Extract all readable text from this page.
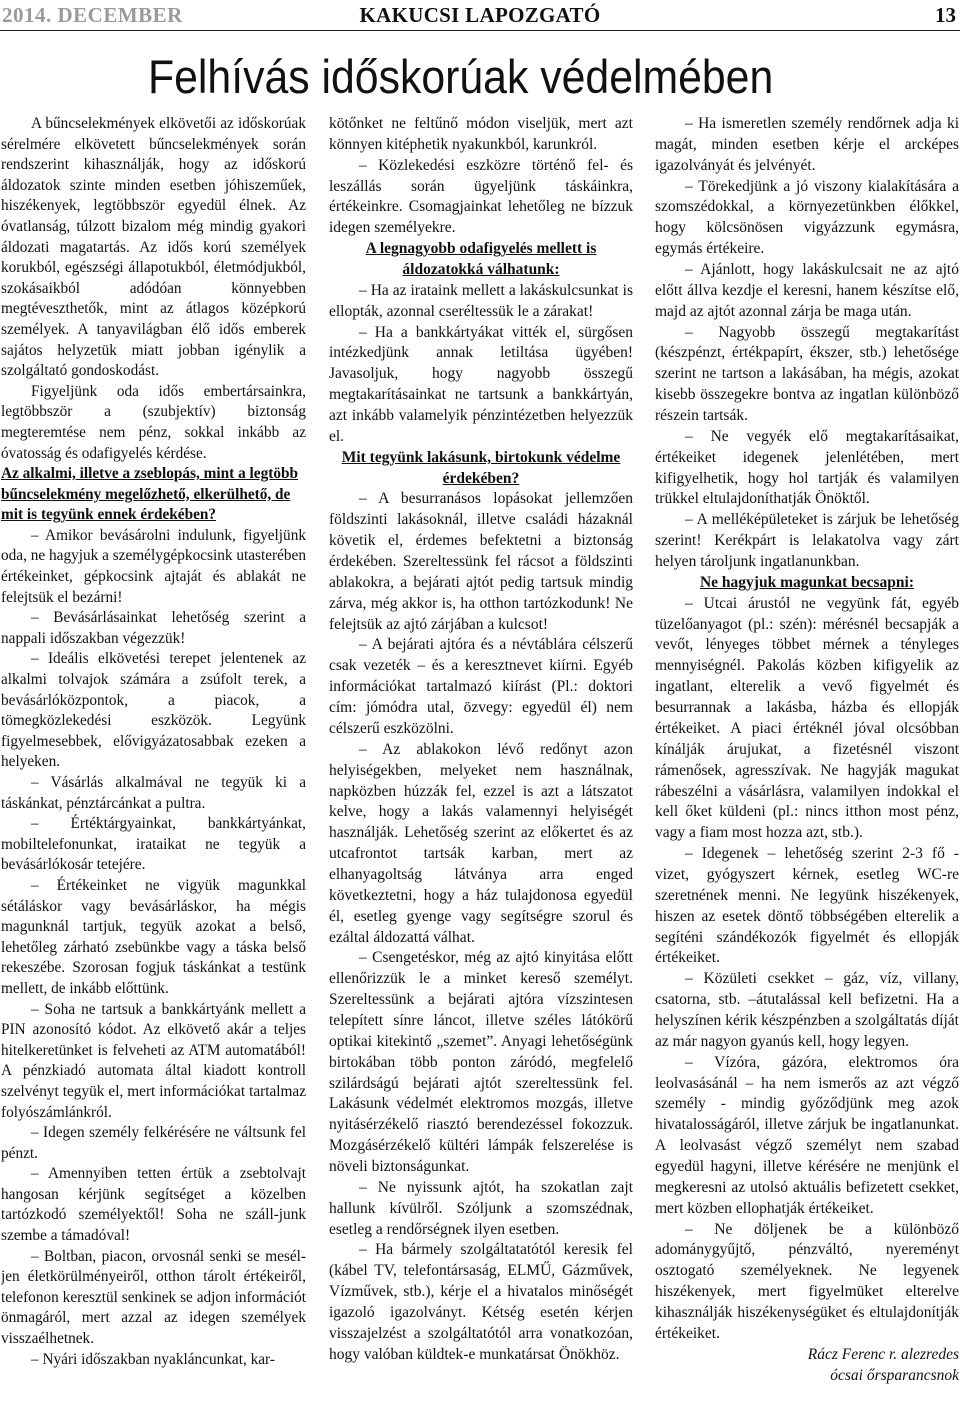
2014. DECEMBER	KAKUCSI LAPOZGATÓ	13
Felhívás időskorúak védelmében

A bűncselekmények elkövetői az időskorúak sérelmére elkövetett bűncselekmények során rendszerint kihasználják, hogy az időskorú áldozatok szinte minden esetben jóhiszeműek, hiszékenyek, legtöbbször egyedül élnek. Az óvatlanság, túlzott bizalom még mindig gyakori áldozati magatartás. Az idős korú személyek korukból, egészségi állapotukból, életmódjukból, szokásaikból adódóan könnyebben megtéveszthetők, mint az átlagos középkorú személyek. A tanyavilágban élő idős emberek sajátos helyzetük miatt jobban igénylik a szolgáltató gondoskodást.

Figyeljünk oda idős embertársainkra, legtöbbször a (szubjektív) biztonság megteremtése nem pénz, sokkal inkább az óvatosság és odafigyelés kérdése.

Az alkalmi, illetve a zseblopás, mint a legtöbb bűncselekmény megelőzhető, elkerülhető, de mit is tegyünk ennek érdekében?

– Amikor bevásárolni indulunk, figyeljünk oda, ne hagyjuk a személygépkocsink utasterében értékeinket, gépkocsink ajtaját és ablakát ne felejtsük el bezárni!

– Bevásárlásainkat lehetőség szerint a nappali időszakban végezzük!

– Ideális elkövetési terepet jelentenek az alkalmi tolvajok számára a zsúfolt terek, a bevásárlóközpontok, a piacok, a tömegközlekedési eszközök. Legyünk figyelmesebbek, elővigyázatosabbak ezeken a helyeken.

– Vásárlás alkalmával ne tegyük ki a táskánkat, pénztárcánkat a pultra.

– Értéktárgyainkat, bankkártyánkat, mobiltelefonunkat, irataikat ne tegyük a bevásárlókosár tetejére.

– Értékeinket ne vigyük magunkkal sétáláskor vagy bevásárláskor, ha mégis magunknál tartjuk, tegyük azokat a belső, lehetőleg zárható zsebünkbe vagy a táska belső rekeszébe. Szorosan fogjuk táskánkat a testünk mellett, de inkább előttünk.

– Soha ne tartsuk a bankkártyánk mellett a PIN azonosító kódot. Az elkövető akár a teljes hitelkeretünket is felveheti az ATM automatából! A pénzkiadó automata által kiadott kontroll szelvényt tegyük el, mert információkat tartalmaz folyószámlánkról.

– Idegen személy felkérésére ne váltsunk fel pénzt.

– Amennyiben tetten értük a zsebtolvajt hangosan kérjünk segítséget a közelben tartózkodó személyektől! Soha ne száll-junk szembe a támadóval!

– Boltban, piacon, orvosnál senki se mesél-jen életkörülményeiről, otthon tárolt értékeiről, telefonon keresztül senkinek se adjon információt önmagáról, mert azzal az idegen személyek visszaélhetnek.

– Nyári időszakban nyakláncunkat, kar-

kötőnket ne feltűnő módon viseljük, mert azt könnyen kitéphetik nyakunkból, karunkról.

– Közlekedési eszközre történő fel- és leszállás során ügyeljünk táskáinkra, értékeinkre. Csomagjainkat lehetőleg ne bízzuk idegen személyekre.

A legnagyobb odafigyelés mellett is áldozatokká válhatunk:

– Ha az irataink mellett a lakáskulcsunkat is ellopták, azonnal cseréltessük le a zárakat!

– Ha a bankkártyákat vitték el, sürgősen intézkedjünk annak letiltása ügyében! Javasoljuk, hogy nagyobb összegű megtakarításainkat ne tartsunk a bankkártyán, azt inkább valamelyik pénzintézetben helyezzük el.

Mit tegyünk lakásunk, birtokunk védelme érdekében?

– A besurranásos lopásokat jellemzően földszinti lakásoknál, illetve családi házaknál követik el, érdemes befektetni a biztonság érdekében. Szereltessünk fel rácsot a földszinti ablakokra, a bejárati ajtót pedig tartsuk mindig zárva, még akkor is, ha otthon tartózkodunk! Ne felejtsük az ajtó zárjában a kulcsot!

– A bejárati ajtóra és a névtáblára célszerű csak vezeték – és a keresztnevet kiírni. Egyéb információkat tartalmazó kiírást (Pl.: doktori cím: jómódra utal, özvegy: egyedül él) nem célszerű eszközölni.

– Az ablakokon lévő redőnyt azon helyiségekben, melyeket nem használnak, napközben húzzák fel, ezzel is azt a látszatot kelve, hogy a lakás valamennyi helyiségét használják. Lehetőség szerint az előkertet és az utcafrontot tartsák karban, mert az elhanyagoltság látványa arra enged következtetni, hogy a ház tulajdonosa egyedül él, esetleg gyenge vagy segítségre szorul és ezáltal áldozattá válhat.

– Csengetéskor, még az ajtó kinyitása előtt ellenőrizzük le a minket kereső személyt. Szereltessünk a bejárati ajtóra vízszintesen telepített sínre láncot, illetve széles látókörű optikai kitekintő „szemet”. Anyagi lehetőségünk birtokában több ponton záródó, megfelelő szilárdságú bejárati ajtót szereltessünk fel. Lakásunk védelmét elektromos mozgás, illetve nyitásérzékelő riasztó berendezéssel fokozzuk. Mozgásérzékelő kültéri lámpák felszerelése is növeli biztonságunkat.

– Ne nyissunk ajtót, ha szokatlan zajt hallunk kívülről. Szóljunk a szomszédnak, esetleg a rendőrségnek ilyen esetben.

– Ha bármely szolgáltatatótól keresik fel (kábel TV, telefontársaság, ELMŰ, Gázművek, Vízművek, stb.), kérje el a hivatalos minőségét igazoló igazolványt. Kétség esetén kérjen visszajelzést a szolgáltatótól arra vonatkozóan, hogy valóban küldtek-e munkatársat Önökhöz.

– Ha ismeretlen személy rendőrnek adja ki magát, minden esetben kérje el arcképes igazolványát és jelvényét.

– Törekedjünk a jó viszony kialakítására a szomszédokkal, a környezetünkben élőkkel, hogy kölcsönösen vigyázzunk egymásra, egymás értékeire.

– Ajánlott, hogy lakáskulcsait ne az ajtó előtt állva kezdje el keresni, hanem készítse elő, majd az ajtót azonnal zárja be maga után.

– Nagyobb összegű megtakarítást (készpénzt, értékpapírt, ékszer, stb.) lehetősége szerint ne tartson a lakásában, ha mégis, azokat kisebb összegekre bontva az ingatlan különböző részein tartsák.

– Ne vegyék elő megtakarításaikat, értékeiket idegenek jelenlétében, mert kifigyelhetik, hogy hol tartják és valamilyen trükkel eltulajdoníthatják Önöktől.

– A melléképületeket is zárjuk be lehetőség szerint! Kerékpárt is lelakatolva vagy zárt helyen tároljunk ingatlanunkban.

Ne hagyjuk magunkat becsapni:

– Utcai árustól ne vegyünk fát, egyéb tüzelőanyagot (pl.: szén): mérésnél becsapják a vevőt, lényeges többet mérnek a tényleges mennyiségnél. Pakolás közben kifigyelik az ingatlant, elterelik a vevő figyelmét és besurrannak a lakásba, házba és ellopják értékeiket. A piaci értéknél jóval olcsóbban kínálják árujukat, a fizetésnél viszont rámenősek, agresszívak. Ne hagyják magukat rábeszélni a vásárlásra, valamilyen indokkal el kell őket küldeni (pl.: nincs itthon most pénz, vagy a fiam most hozza azt, stb.).

– Idegenek – lehetőség szerint 2-3 fő - vizet, gyógyszert kérnek, esetleg WC-re szeretnének menni. Ne legyünk hiszékenyek, hiszen az esetek döntő többségében elterelik a segíténi szándékozók figyelmét és ellopják értékeiket.

– Közületi csekket – gáz, víz, villany, csatorna, stb. –átutalással kell befizetni. Ha a helyszínen kérik készpénzben a szolgáltatás díját az már nagyon gyanús kell, hogy legyen.

– Vízóra, gázóra, elektromos óra leolvasásánál – ha nem ismerős az azt végző személy - mindig győződjünk meg azok hivatalosságáról, illetve zárjuk be ingatlanunkat. A leolvasást végző személyt nem szabad egyedül hagyni, illetve kérésére ne menjünk el megkeresni az utolsó aktuális befizetett csekket, mert közben ellophatják értékeiket.

– Ne döljenek be a különböző adománygyűjtő, pénzváltó, nyereményt osztogató személyeknek. Ne legyenek hiszékenyek, mert figyelmüket elterelve kihasználják hiszékenységüket és eltulajdonítják értékeiket.

Rácz Ferenc r. alezredes

ócsai őrsparancsnok
